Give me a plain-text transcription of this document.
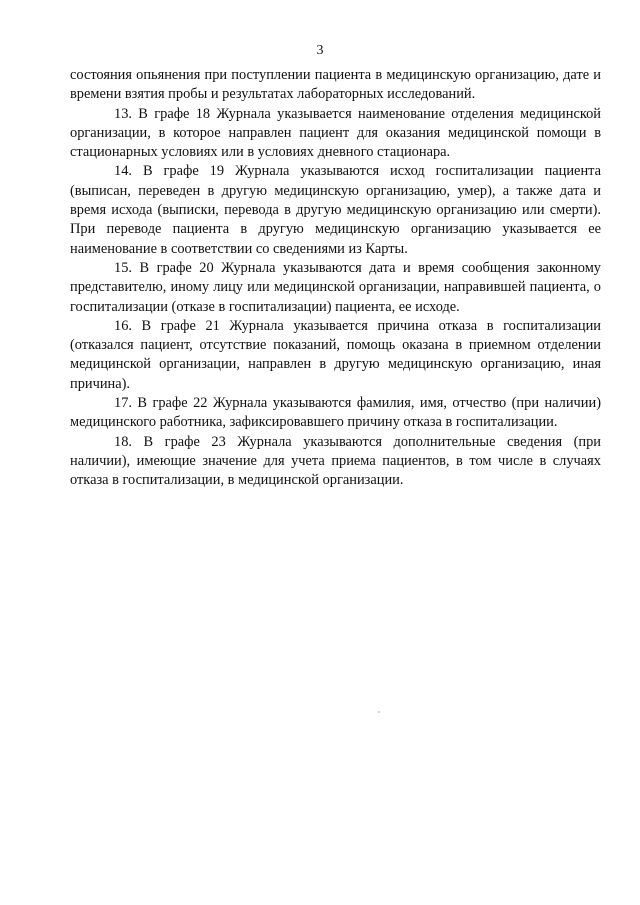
3

состояния опьянения при поступлении пациента в медицинскую организацию, дате и времени взятия пробы и результатах лабораторных исследований.

13. В графе 18 Журнала указывается наименование отделения медицинской организации, в которое направлен пациент для оказания медицинской помощи в стационарных условиях или в условиях дневного стационара.

14. В графе 19 Журнала указываются исход госпитализации пациента (выписан, переведен в другую медицинскую организацию, умер), а также дата и время исхода (выписки, перевода в другую медицинскую организацию или смерти). При переводе пациента в другую медицинскую организацию указывается ее наименование в соответствии со сведениями из Карты.

15. В графе 20 Журнала указываются дата и время сообщения законному представителю, иному лицу или медицинской организации, направившей пациента, о госпитализации (отказе в госпитализации) пациента, ее исходе.

16. В графе 21 Журнала указывается причина отказа в госпитализации (отказался пациент, отсутствие показаний, помощь оказана в приемном отделении медицинской организации, направлен в другую медицинскую организацию, иная причина).

17. В графе 22 Журнала указываются фамилия, имя, отчество (при наличии) медицинского работника, зафиксировавшего причину отказа в госпитализации.

18. В графе 23 Журнала указываются дополнительные сведения (при наличии), имеющие значение для учета приема пациентов, в том числе в случаях отказа в госпитализации, в медицинской организации.
